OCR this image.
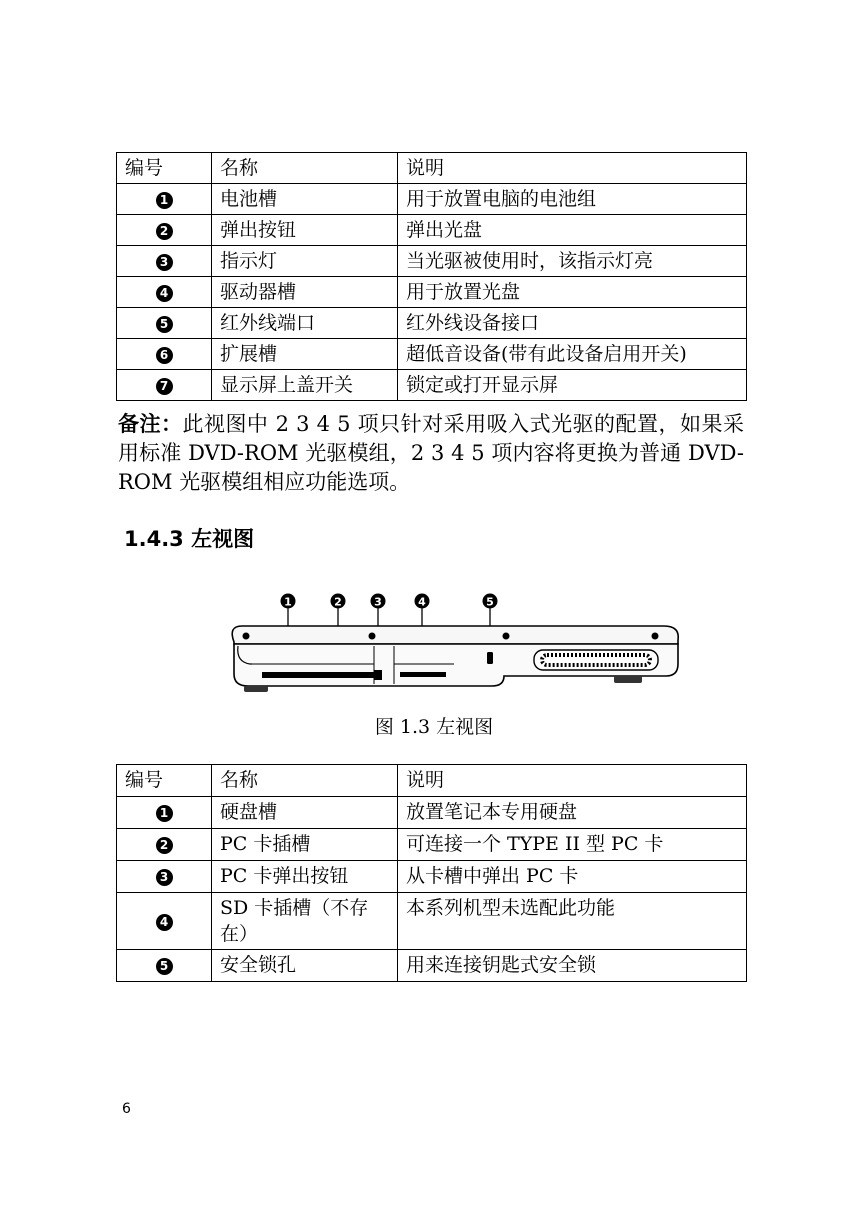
编号	名称	说明
1	电池槽	用于放置电脑的电池组
2	弹出按钮	弹出光盘
3	指示灯	当光驱被使用时，该指示灯亮
4	驱动器槽	用于放置光盘
5	红外线端口	红外线设备接口
6	扩展槽	超低音设备(带有此设备启用开关)
7	显示屏上盖开关	锁定或打开显示屏
备注：此视图中 2 3 4 5 项只针对采用吸入式光驱的配置，如果采用标准 DVD-ROM 光驱模组，2 3 4 5 项内容将更换为普通 DVD-ROM 光驱模组相应功能选项。
1.4.3 左视图
1	2	3	4	5
图 1.3 左视图
编号	名称	说明
1	硬盘槽	放置笔记本专用硬盘
2	PC 卡插槽	可连接一个 TYPE II 型 PC 卡
3	PC 卡弹出按钮	从卡槽中弹出 PC 卡
4	SD 卡插槽（不存在）	本系列机型未选配此功能
5	安全锁孔	用来连接钥匙式安全锁
6
